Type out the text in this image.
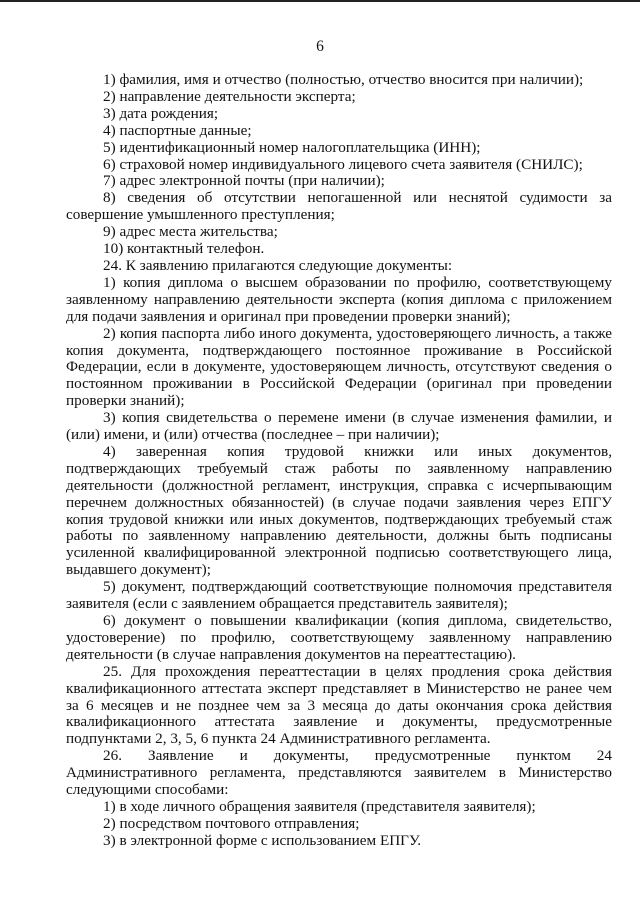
6

1) фамилия, имя и отчество (полностью, отчество вносится при наличии);

2) направление деятельности эксперта;

3) дата рождения;

4) паспортные данные;

5) идентификационный номер налогоплательщика (ИНН);

6) страховой номер индивидуального лицевого счета заявителя (СНИЛС);

7) адрес электронной почты (при наличии);

8) сведения об отсутствии непогашенной или неснятой судимости за совершение умышленного преступления;

9) адрес места жительства;

10) контактный телефон.

24. К заявлению прилагаются следующие документы:

1) копия диплома о высшем образовании по профилю, соответствующему заявленному направлению деятельности эксперта (копия диплома с приложением для подачи заявления и оригинал при проведении проверки знаний);

2) копия паспорта либо иного документа, удостоверяющего личность, а также копия документа, подтверждающего постоянное проживание в Российской Федерации, если в документе, удостоверяющем личность, отсутствуют сведения о постоянном проживании в Российской Федерации (оригинал при проведении проверки знаний);

3) копия свидетельства о перемене имени (в случае изменения фамилии, и (или) имени, и (или) отчества (последнее – при наличии);

4) заверенная копия трудовой книжки или иных документов, подтверждающих требуемый стаж работы по заявленному направлению деятельности (должностной регламент, инструкция, справка с исчерпывающим перечнем должностных обязанностей) (в случае подачи заявления через ЕПГУ копия трудовой книжки или иных документов, подтверждающих требуемый стаж работы по заявленному направлению деятельности, должны быть подписаны усиленной квалифицированной электронной подписью соответствующего лица, выдавшего документ);

5) документ, подтверждающий соответствующие полномочия представителя заявителя (если с заявлением обращается представитель заявителя);

6) документ о повышении квалификации (копия диплома, свидетельство, удостоверение) по профилю, соответствующему заявленному направлению деятельности (в случае направления документов на переаттестацию).

25. Для прохождения переаттестации в целях продления срока действия квалификационного аттестата эксперт представляет в Министерство не ранее чем за 6 месяцев и не позднее чем за 3 месяца до даты окончания срока действия квалификационного аттестата заявление и документы, предусмотренные подпунктами 2, 3, 5, 6 пункта 24 Административного регламента.

26. Заявление и документы, предусмотренные пунктом 24 Административного регламента, представляются заявителем в Министерство следующими способами:

1) в ходе личного обращения заявителя (представителя заявителя);

2) посредством почтового отправления;

3) в электронной форме с использованием ЕПГУ.
